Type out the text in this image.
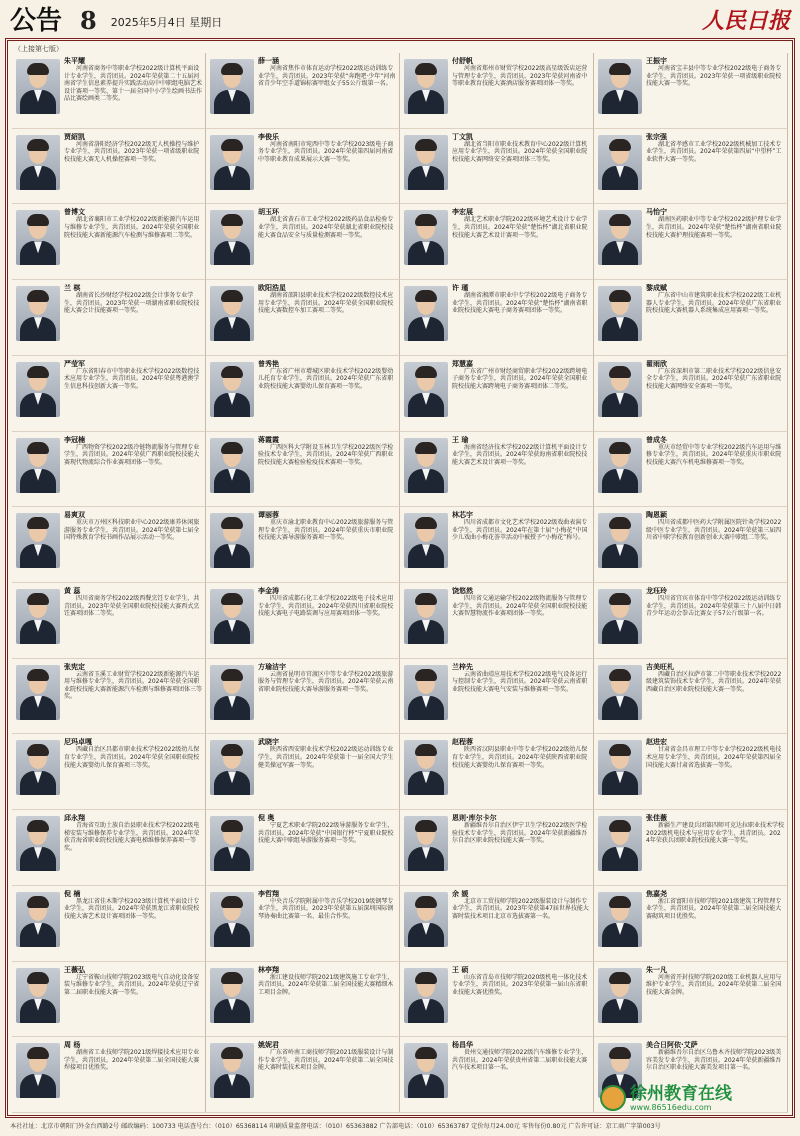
公告 8 2025年5月4日 星期日	人民日报
（上接第七版）
朱平耀
河南省商务中等职业学校2022级计算机平面设计专业学生，共青团员。2024年荣获第二十五届河南省学生信息素养提升实践活动高中中职组电脑艺术设计赛项一等奖、第十一届全国中小学生绘画书法作品比赛绘画类二等奖。
薛一涵
河南省焦作市体育运动学校2022级运动训练专业学生，共青团员。2023年荣获“奔跑吧·少年”河南省青少年空手道锦标赛甲组女子55公斤级第一名。
付舒帆
河南省郑州市财贸学校2022级高星级饭店运营与管理专业学生，共青团员。2023年荣获河南省中等职业教育技能大赛酒店服务赛项团体一等奖。
王振宇
河南省宝丰县中等专业学校2022级电子商务专业学生，共青团员。2023年荣获一项省级职业院校技能大赛一等奖。
贾紹凯
河南省洛阳经济学校2022级无人机操控与维护专业学生，共青团员。2023年荣获一项省级职业院校技能大赛无人机操控赛项一等奖。
李俊乐
河南省南阳市宛西中等专业学校2023级电子商务专业学生，共青团员。2024年荣获第四届河南省中等职业教育成果展示大赛一等奖。
丁文凯
湖北省当阳市职业技术教育中心2022级计算机应用专业学生，共青团员。2024年荣获全国职业院校技能大赛网络安全赛项团体三等奖。
张宗强
湖北省孝感市工业学校2022级机械加工技术专业学生，共青团员。2024年荣获第四届“中望杯”工业软件大赛一等奖。
曾博文
湖北省襄阳市工业学校2022级新能源汽车运用与维修专业学生，共青团员。2024年荣获全国职业院校技能大赛新能源汽车检测与维修赛项二等奖。
胡玉环
湖北省黄石市工业学校2022级药品食品检验专业学生，共青团员。2024年荣获湖北省职业院校技能大赛食品安全与质量检测赛项一等奖。
李宏展
湖北艺术职业学院2022级环境艺术设计专业学生，共青团员。2024年荣获“楚怡杯”湖北省职业院校技能大赛艺术设计赛项一等奖。
马怡宁
湖南医药职业中等专业学校2022级护理专业学生，共青团员。2024年荣获“楚怡杯”湖南省职业院校技能大赛护理技能赛项一等奖。
兰 棋
湖南省长沙财经学校2022级会计事务专业学生，共青团员。2023年荣获一项湖南省职业院校技能大赛会计技能赛项一等奖。
欧阳浩星
湖南省邵阳县职业技术学校2022级数控技术应用专业学生，共青团员。2024年荣获全国职业院校技能大赛数控车加工赛项二等奖。
许 瑾
湖南省湘潭市职业中专学校2022级电子商务专业学生，共青团员。2024年荣获“楚怡杯”湖南省职业院校技能大赛电子商务赛项团体一等奖。
黎成赋
广东省中山市建筑职业技术学校2022级工业机器人专业学生，共青团员。2024年荣获广东省职业院校技能大赛机器人系统集成应用赛项一等奖。
严莹军
广东省阳春市中等职业技术学校2022级数控技术应用专业学生，共青团员。2024年荣获粤港澳学生信息科技创新大赛一等奖。
曾秀艳
广东省广州市增城区职业技术学校2022级婴幼儿托育专业学生，共青团员。2024年荣获广东省职业院校技能大赛婴幼儿保育赛项一等奖。
郑慧嘉
广东省广州市财经商贸职业学校2022级跨境电子商务专业学生，共青团员。2024年荣获全国职业院校技能大赛跨境电子商务赛项团体二等奖。
翟雨欣
广东省深圳市第二职业技术学校2022级信息安全专业学生，共青团员。2024年荣获广东省职业院校技能大赛网络安全赛项一等奖。
李冠楠
广西物资学校2022级冷链物流服务与管理专业学生，共青团员。2024年荣获广西职业院校技能大赛现代物流综合作业赛项团体一等奖。
蒋霞霞
广西医科大学附设玉林卫生学校2022级医学检验技术专业学生，共青团员。2024年荣获广西职业院校技能大赛检验检疫技术赛项一等奖。
王 瑜
海南省经济技术学校2022级计算机平面设计专业学生，共青团员。2024年荣获海南省职业院校技能大赛艺术设计赛项一等奖。
曾成冬
重庆市经贸中等专业学校2022级汽车运用与维修专业学生，共青团员。2024年荣获重庆市职业院校技能大赛汽车机电维修赛项一等奖。
易爽双
重庆市万州区科技职业中心2022级康养休闲旅游服务专业学生，共青团员。2024年荣获第七届全国特殊教育学校书画作品展示活动一等奖。
谭丽蓉
重庆市渝北职业教育中心2022级旅游服务与管理专业学生，共青团员。2024年荣获重庆市职业院校技能大赛导游服务赛项一等奖。
林芯宇
四川省成都市文化艺术学校2022级戏曲表演专业学生，共青团员。2024年在第十届“小梅花”中国少儿戏曲小梅花荟萃活动中被授予“小梅花”称号。
陶恩颖
四川省成都中医药大学附属医院针灸学校2022级中医专业学生，共青团员。2024年荣获第三届四川省中职学校教育创新创业大赛中职组二等奖。
黄 蕊
四川省商务学校2022级西餐烹饪专业学生，共青团员。2023年荣获全国职业院校技能大赛西式烹饪赛项团体二等奖。
李金涛
四川省成都石化工业学校2022级电子技术应用专业学生，共青团员。2024年荣获四川省职业院校技能大赛电子电路装调与应用赛项团体一等奖。
饶悠然
四川省交通运输学校2022级物流服务与管理专业学生，共青团员。2024年荣获全国职业院校技能大赛智慧物流作业赛项团体一等奖。
龙珏玲
四川省宜宾市体育中等学校2022级运动训练专业学生，共青团员。2024年荣获第三十八届中日韩青少年运动会拳击比赛女子57公斤级第一名。
张宪定
云南省玉溪工业财贸学校2022级新能源汽车运用与维修专业学生，共青团员。2024年荣获全国职业院校技能大赛新能源汽车检测与维修赛项团体三等奖。
方瑜洁宇
云南省昆明市官渡区中等专业学校2022级旅游服务与管理专业学生，共青团员。2024年荣获云南省职业院校技能大赛导游服务赛项一等奖。
兰梓先
云南省曲靖应用技术学校2022级电气设备运行与控制专业学生，共青团员。2024年荣获云南省职业院校技能大赛电气安装与维修赛项一等奖。
吉美旺札
西藏自治区拉萨市第二中等职业技术学校2022级建筑装饰技术专业学生，共青团员。2024年荣获西藏自治区职业院校技能大赛一等奖。
尼玛卓嘎
西藏自治区昌都市职业技术学校2022级幼儿保育专业学生，共青团员。2024年荣获全国职业院校技能大赛婴幼儿保育赛项三等奖。
武晓宇
陕西省西安职业技术学校2022级运动训练专业学生，共青团员。2024年荣获第十一届全国大学生健美操冠军赛一等奖。
赵程蓉
陕西省汉阴县职业中等专业学校2022级幼儿保育专业学生，共青团员。2024年荣获陕西省职业院校技能大赛婴幼儿保育赛项一等奖。
赵进宏
甘肃省金昌市理工中等专业学校2022级机电技术应用专业学生，共青团员。2024年荣获第四届全国技能大赛甘肃省选拔赛一等奖。
邱永翔
青海省互助土族自治县职业技术学校2022级电梯安装与维修保养专业学生，共青团员。2024年荣获青海省职业院校技能大赛电梯维修保养赛项一等奖。
倪 奥
宁夏艺术职业学院2022级导游服务专业学生，共青团员。2024年荣获“中国银行杯”宁夏职业院校技能大赛中职组导游服务赛项一等奖。
恩则·库尔卡尔
新疆维吾尔自治区伊宁卫生学校2022级医学检验技术专业学生，共青团员。2024年荣获新疆维吾尔自治区职业院校技能大赛一等奖。
张佳薇
新疆生产建设兵团第四师可克达拉职业技术学校2022级机电技术与应用专业学生，共青团员。2024年荣获兵团职业院校技能大赛一等奖。
倪 楠
黑龙江省佳木斯学校2023级计算机平面设计专业学生，共青团员。2024年荣获黑龙江省职业院校技能大赛艺术设计赛项团体一等奖。
李哲翔
中央音乐学院附属中等音乐学校2019级钢琴专业学生，共青团员。2023年荣获第五届深圳国际钢琴协奏曲比赛第一名、最佳合作奖。
余 媛
北京市工贸技师学院2022级服装设计与制作专业学生，共青团员。2023年荣获第47届世界技能大赛时装技术项目北京市选拔赛第一名。
焦嘉尧
浙江省富阳市技师学院2021级建筑工程管理专业学生，共青团员。2024年荣获第二届全国技能大赛砌筑项目优胜奖。
王薇弘
辽宁省鞍山技师学院2023级电气自动化设备安装与维修专业学生，共青团员。2024年荣获辽宁省第二届职业技能大赛一等奖。
林亭翔
浙江建设技师学院2021级建筑施工专业学生，共青团员。2024年荣获第二届全国技能大赛精细木工项目金牌。
王 硕
山东省青岛市技师学院2020级机电一体化技术专业学生，共青团员。2023年荣获第一届山东省职业技能大赛优胜奖。
朱一凡
河南省开封技师学院2020级工业机器人应用与维护专业学生，共青团员。2024年荣获第二届全国技能大赛金牌。
周 杨
湖南省工业技师学院2021级焊接技术应用专业学生，共青团员。2024年荣获第二届全国技能大赛焊接项目优胜奖。
姚妮君
广东省岭南工商技师学院2021级服装设计与制作专业学生，共青团员。2024年荣获第二届全国技能大赛时装技术项目金牌。
杨昌华
贵州交通技师学院2022级汽车维修专业学生，共青团员。2024年荣获贵州省第二届职业技能大赛汽车技术项目第一名。
美合日阿依·艾萨
新疆维吾尔自治区乌鲁木齐技师学院2023级美容美发专业学生，共青团员。2024年荣获新疆维吾尔自治区职业技能大赛美发项目第一名。
徐州教育在线
www.86516edu.com
本社社址：北京市朝阳门外金台西路2号 邮政编码：100733 电话查号台：（010）65368114 印刷质量监督电话：（010）65363882 广告部电话：（010）65363787 定价每月24.00元 零售每份0.80元 广告许可证：京工商广字第003号
